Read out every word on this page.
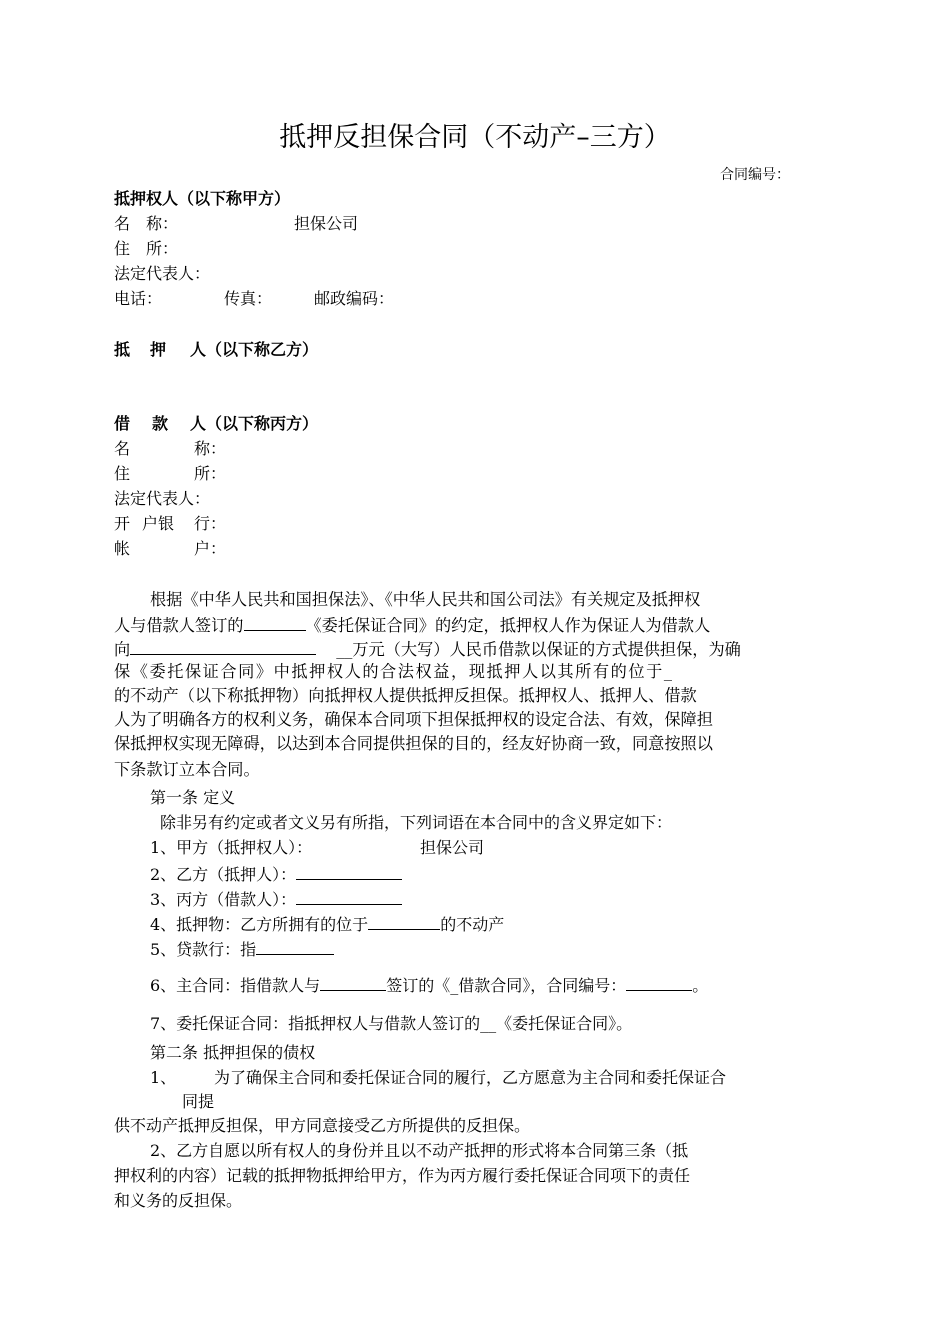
抵押反担保合同（不动产–三方）
合同编号：
抵押权人（以下称甲方）
名　称：	担保公司
住　所：
法定代表人：
电话：	传真：	邮政编码：
抵 押 人（以下称乙方）
借 款 人（以下称丙方）
名	称：
住	所：
法定代表人：
开 户银 行：
帐	户：
根据《中华人民共和国担保法》、《中华人民共和国公司法》有关规定及抵押权
人与借款人签订的	《委托保证合同》的约定，抵押权人作为保证人为借款人
向	__万元（大写）人民币借款以保证的方式提供担保，为确
保《委托保证合同》中抵押权人的合法权益，现抵押人以其所有的位于_
的不动产（以下称抵押物）向抵押权人提供抵押反担保。抵押权人、抵押人、借款
人为了明确各方的权利义务，确保本合同项下担保抵押权的设定合法、有效，保障担
保抵押权实现无障碍，以达到本合同提供担保的目的，经友好协商一致，同意按照以
下条款订立本合同。
第一条 定义
除非另有约定或者文义另有所指，下列词语在本合同中的含义界定如下：
1、甲方（抵押权人）：	担保公司
2、乙方（抵押人）：
3、丙方（借款人）：
4、抵押物：乙方所拥有的位于	的不动产
5、贷款行：指
6、主合同：指借款人与	签订的《_借款合同》，合同编号：	。
7、委托保证合同：指抵押权人与借款人签订的__《委托保证合同》。
第二条 抵押担保的债权
1、 为了确保主合同和委托保证合同的履行，乙方愿意为主合同和委托保证合
同提
供不动产抵押反担保，甲方同意接受乙方所提供的反担保。
2、乙方自愿以所有权人的身份并且以不动产抵押的形式将本合同第三条（抵
押权利的内容）记载的抵押物抵押给甲方，作为丙方履行委托保证合同项下的责任
和义务的反担保。
